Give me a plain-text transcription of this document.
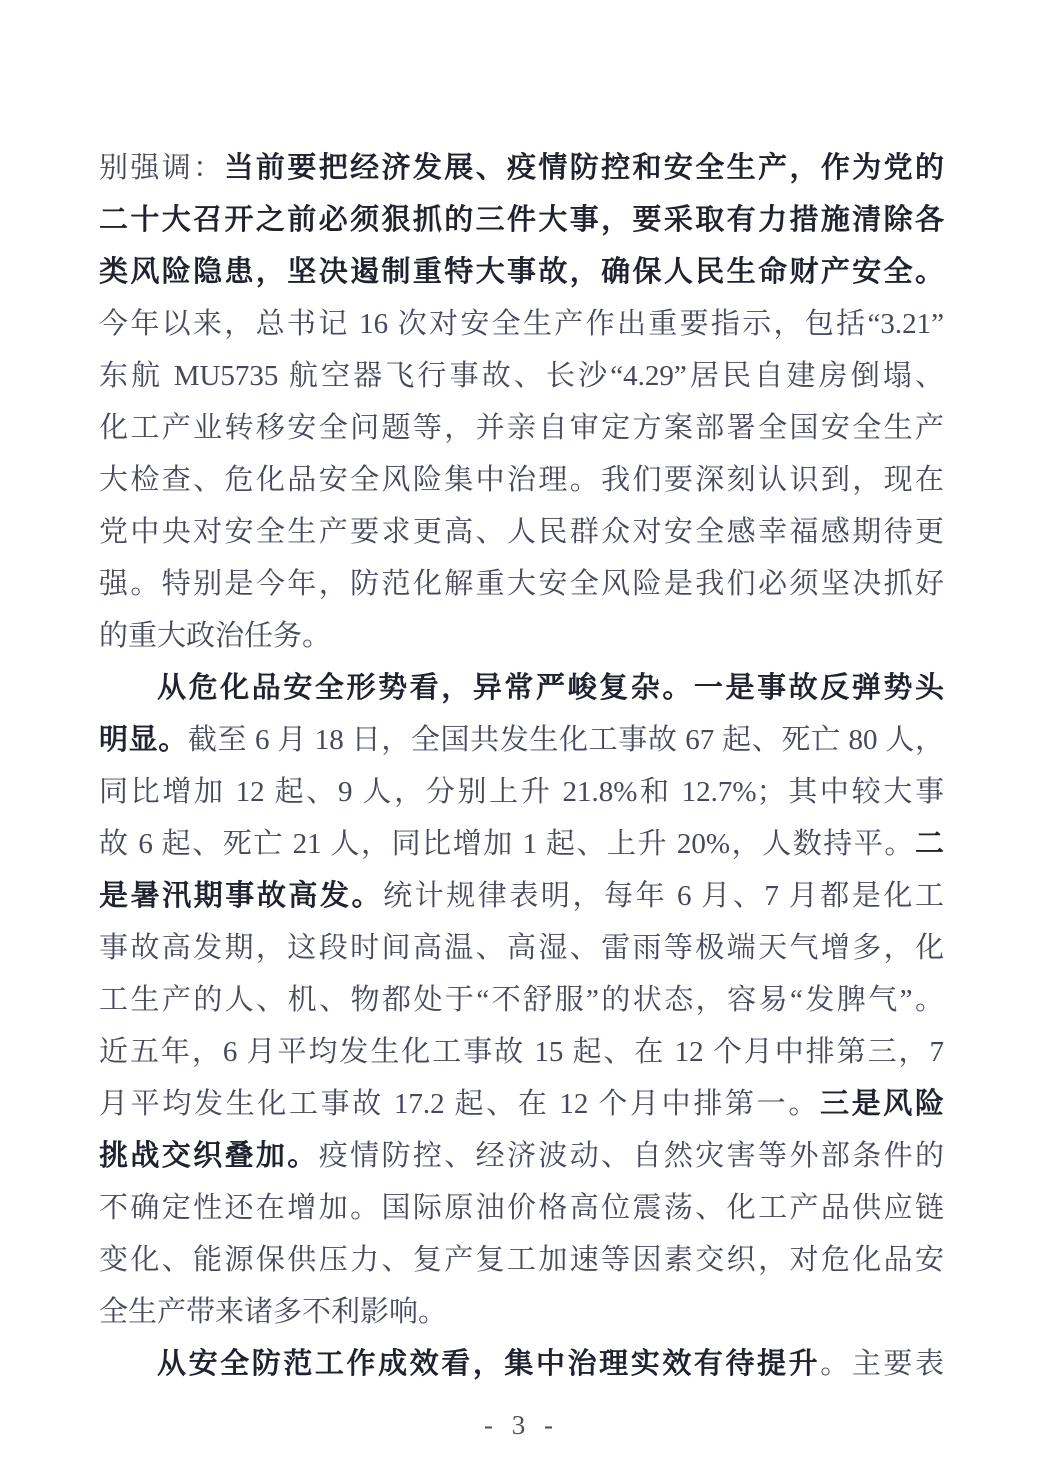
别强调：当前要把经济发展、疫情防控和安全生产，作为党的
二十大召开之前必须狠抓的三件大事，要采取有力措施清除各
类风险隐患，坚决遏制重特大事故，确保人民生命财产安全。
今年以来，总书记 16 次对安全生产作出重要指示，包括“3.21”
东航 MU5735 航空器飞行事故、长沙“4.29”居民自建房倒塌、
化工产业转移安全问题等，并亲自审定方案部署全国安全生产
大检查、危化品安全风险集中治理。我们要深刻认识到，现在
党中央对安全生产要求更高、人民群众对安全感幸福感期待更
强。特别是今年，防范化解重大安全风险是我们必须坚决抓好
的重大政治任务。
从危化品安全形势看，异常严峻复杂。一是事故反弹势头
明显。截至 6 月 18 日，全国共发生化工事故 67 起、死亡 80 人，
同比增加 12 起、9 人，分别上升 21.8%和 12.7%；其中较大事
故 6 起、死亡 21 人，同比增加 1 起、上升 20%，人数持平。二
是暑汛期事故高发。统计规律表明，每年 6 月、7 月都是化工
事故高发期，这段时间高温、高湿、雷雨等极端天气增多，化
工生产的人、机、物都处于“不舒服”的状态，容易“发脾气”。
近五年，6 月平均发生化工事故 15 起、在 12 个月中排第三，7
月平均发生化工事故 17.2 起、在 12 个月中排第一。三是风险
挑战交织叠加。疫情防控、经济波动、自然灾害等外部条件的
不确定性还在增加。国际原油价格高位震荡、化工产品供应链
变化、能源保供压力、复产复工加速等因素交织，对危化品安
全生产带来诸多不利影响。
从安全防范工作成效看，集中治理实效有待提升。主要表
- 3 -
